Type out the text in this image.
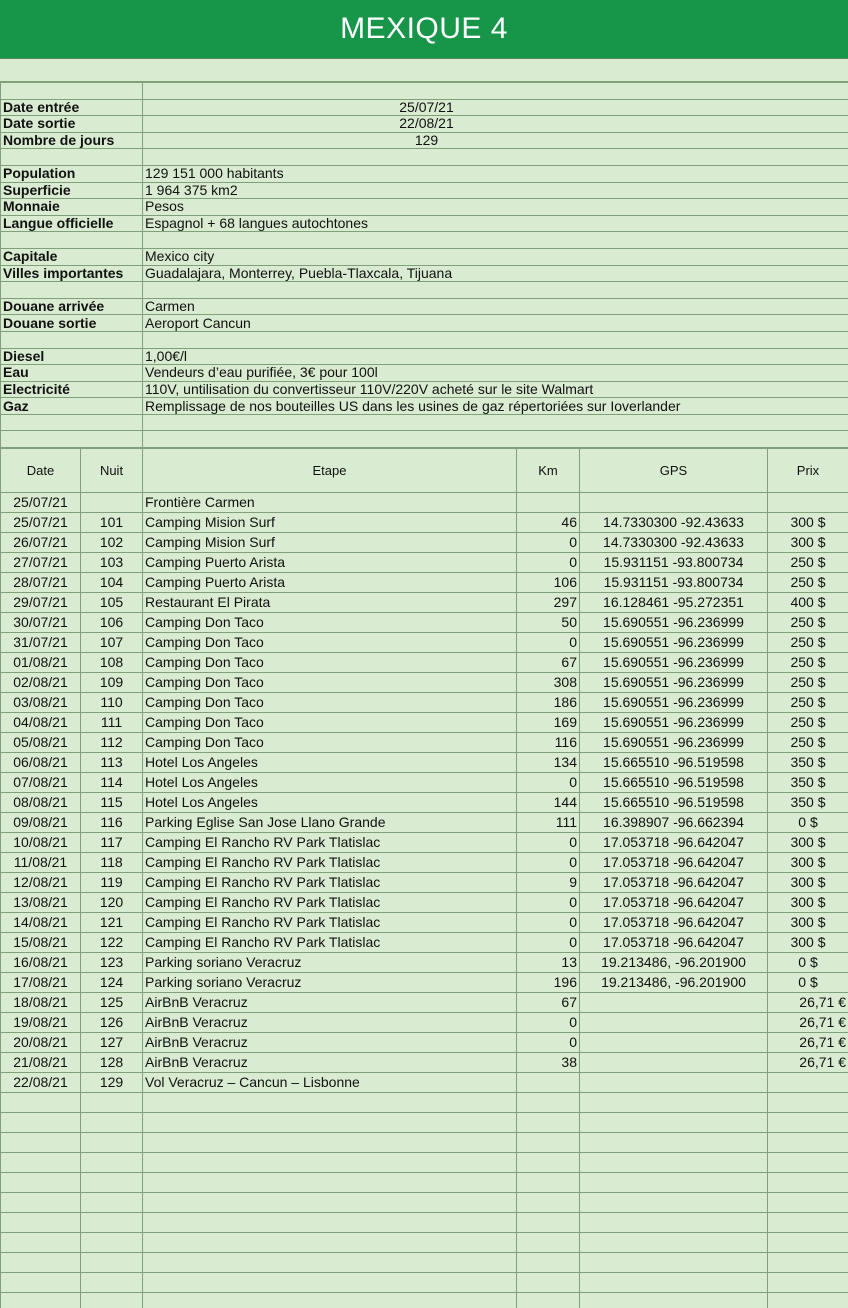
MEXIQUE 4

Date entrée	25/07/21
Date sortie	22/08/21
Nombre de jours	129

Population	129 151 000 habitants
Superficie	1 964 375 km2
Monnaie	Pesos
Langue officielle	Espagnol + 68 langues autochtones

Capitale	Mexico city
Villes importantes	Guadalajara, Monterrey, Puebla-Tlaxcala, Tijuana

Douane arrivée	Carmen
Douane sortie	Aeroport Cancun

Diesel	1,00€/l
Eau	Vendeurs d’eau purifiée, 3€ pour 100l
Electricité	110V, untilisation du convertisseur 110V/220V acheté sur le site Walmart
Gaz	Remplissage de nos bouteilles US dans les usines de gaz répertoriées sur Ioverlander

Date	Nuit	Etape	Km	GPS	Prix
25/07/21		Frontière Carmen			
25/07/21	101	Camping Mision Surf	46	14.7330300 -92.43633	300 $
26/07/21	102	Camping Mision Surf	0	14.7330300 -92.43633	300 $
27/07/21	103	Camping Puerto Arista	0	15.931151 -93.800734	250 $
28/07/21	104	Camping Puerto Arista	106	15.931151 -93.800734	250 $
29/07/21	105	Restaurant El Pirata	297	16.128461 -95.272351	400 $
30/07/21	106	Camping Don Taco	50	15.690551 -96.236999	250 $
31/07/21	107	Camping Don Taco	0	15.690551 -96.236999	250 $
01/08/21	108	Camping Don Taco	67	15.690551 -96.236999	250 $
02/08/21	109	Camping Don Taco	308	15.690551 -96.236999	250 $
03/08/21	110	Camping Don Taco	186	15.690551 -96.236999	250 $
04/08/21	111	Camping Don Taco	169	15.690551 -96.236999	250 $
05/08/21	112	Camping Don Taco	116	15.690551 -96.236999	250 $
06/08/21	113	Hotel Los Angeles	134	15.665510 -96.519598	350 $
07/08/21	114	Hotel Los Angeles	0	15.665510 -96.519598	350 $
08/08/21	115	Hotel Los Angeles	144	15.665510 -96.519598	350 $
09/08/21	116	Parking Eglise San Jose Llano Grande	111	16.398907 -96.662394	0 $
10/08/21	117	Camping El Rancho RV Park Tlatislac	0	17.053718 -96.642047	300 $
11/08/21	118	Camping El Rancho RV Park Tlatislac	0	17.053718 -96.642047	300 $
12/08/21	119	Camping El Rancho RV Park Tlatislac	9	17.053718 -96.642047	300 $
13/08/21	120	Camping El Rancho RV Park Tlatislac	0	17.053718 -96.642047	300 $
14/08/21	121	Camping El Rancho RV Park Tlatislac	0	17.053718 -96.642047	300 $
15/08/21	122	Camping El Rancho RV Park Tlatislac	0	17.053718 -96.642047	300 $
16/08/21	123	Parking soriano Veracruz	13	19.213486, -96.201900	0 $
17/08/21	124	Parking soriano Veracruz	196	19.213486, -96.201900	0 $
18/08/21	125	AirBnB Veracruz	67		26,71 €
19/08/21	126	AirBnB Veracruz	0		26,71 €
20/08/21	127	AirBnB Veracruz	0		26,71 €
21/08/21	128	AirBnB Veracruz	38		26,71 €
22/08/21	129	Vol Veracruz – Cancun – Lisbonne			
